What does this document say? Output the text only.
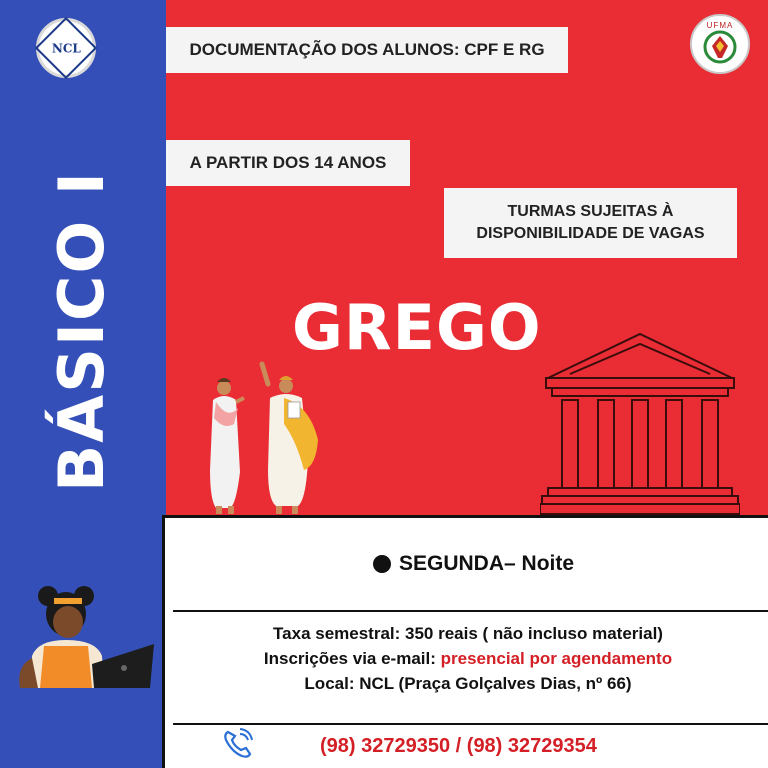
NCL
BÁSICO I
UFMA
DOCUMENTAÇÃO DOS ALUNOS: CPF E RG
A PARTIR DOS 14 ANOS
TURMAS SUJEITAS À
DISPONIBILIDADE DE VAGAS
GREGO
SEGUNDA– Noite
Taxa semestral: 350 reais ( não incluso material)
Inscrições via e-mail: presencial por agendamento
Local: NCL (Praça Golçalves Dias, nº 66)
(98) 32729350 / (98) 32729354
